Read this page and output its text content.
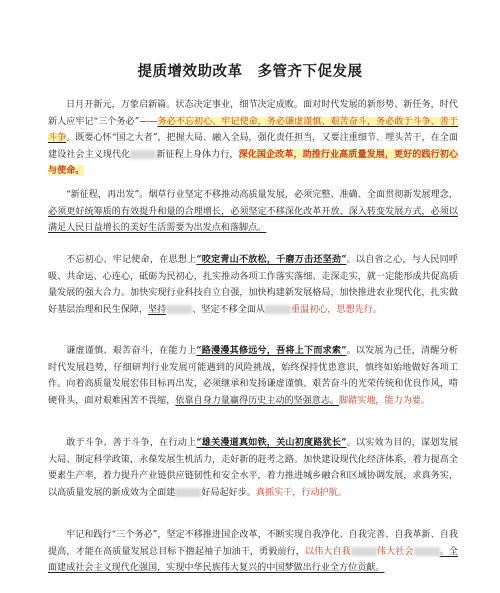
提质增效助改革　多管齐下促发展
日月开新元，万象启新篇。状态决定事业，细节决定成败。面对时代发展的新形势、新任务，时代新人应牢记“三个务必”——务必不忘初心、牢记使命，务必谦虚谨慎、艰苦奋斗，务必敢于斗争、善于斗争。既要心怀“国之大者”，把握大局、融入全局，强化责任担当，又要注重细节、埋头苦干，在全面建设社会主义现代化	新征程上身体力行，深化国企改革，助推行业高质量发展，更好的践行初心与使命。
“新征程，再出发”。烟草行业坚定不移推动高质量发展，必须完整、准确、全面贯彻新发展理念，必须更好统筹质的有效提升和量的合理增长，必须坚定不移深化改革开放、深入转变发展方式，必须以满足人民日益增长的美好生活需要为出发点和落脚点。
不忘初心、牢记使命，在思想上“咬定青山不放松，千磨万击还坚劲”。以自省之心，与人民同呼吸、共命运、心连心，砥砺为民初心，扎实推动各项工作落实落细、走深走实，就一定能形成共促高质量发展的强大合力。加快实现行业科技自立自强，加快构建新发展格局，加快推进农业现代化，扎实做好基层治理和民生保障，坚持	、坚定不移全面从	重温初心，思想先行。
谦虚谨慎、艰苦奋斗，在能力上“路漫漫其修远兮，吾将上下而求索”。以发展为己任，清醒分析时代发展趋势，仔细研判行业发展可能遇到的风险挑战，始终保持忧患意识，慎终如始地做好各项工作。向着高质量发展宏伟目标再出发，必须继承和发扬谦虚谨慎、艰苦奋斗的光荣传统和优良作风，啃硬骨头，面对艰难困苦不畏缩，依靠自身力量赢得历史主动的坚强意志。脚踏实地，能力为要。
敢于斗争、善于斗争，在行动上“雄关漫道真如铁，关山初度路犹长”。以实效为目的，谋划发展大局、制定科学政策，永葆发展生机活力，走好新的赶考之路。加快建设现代化经济体系，着力提高全要素生产率，着力提升产业链供应链韧性和安全水平，着力推进城乡融合和区域协调发展，求真务实，以高质量发展的新成效为全面建	好局起好步。真抓实干，行动护航。
牢记和践行“三个务必”，坚定不移推进国企改革，不断实现自我净化、自我完善、自我革新、自我提高，才能在高质量发展总目标下撸起袖子加油干，勇毅前行，以伟大自我	伟大社会	。全面建成社会主义现代化强国，实现中华民族伟大复兴的中国梦做出行业全方位贡献。
